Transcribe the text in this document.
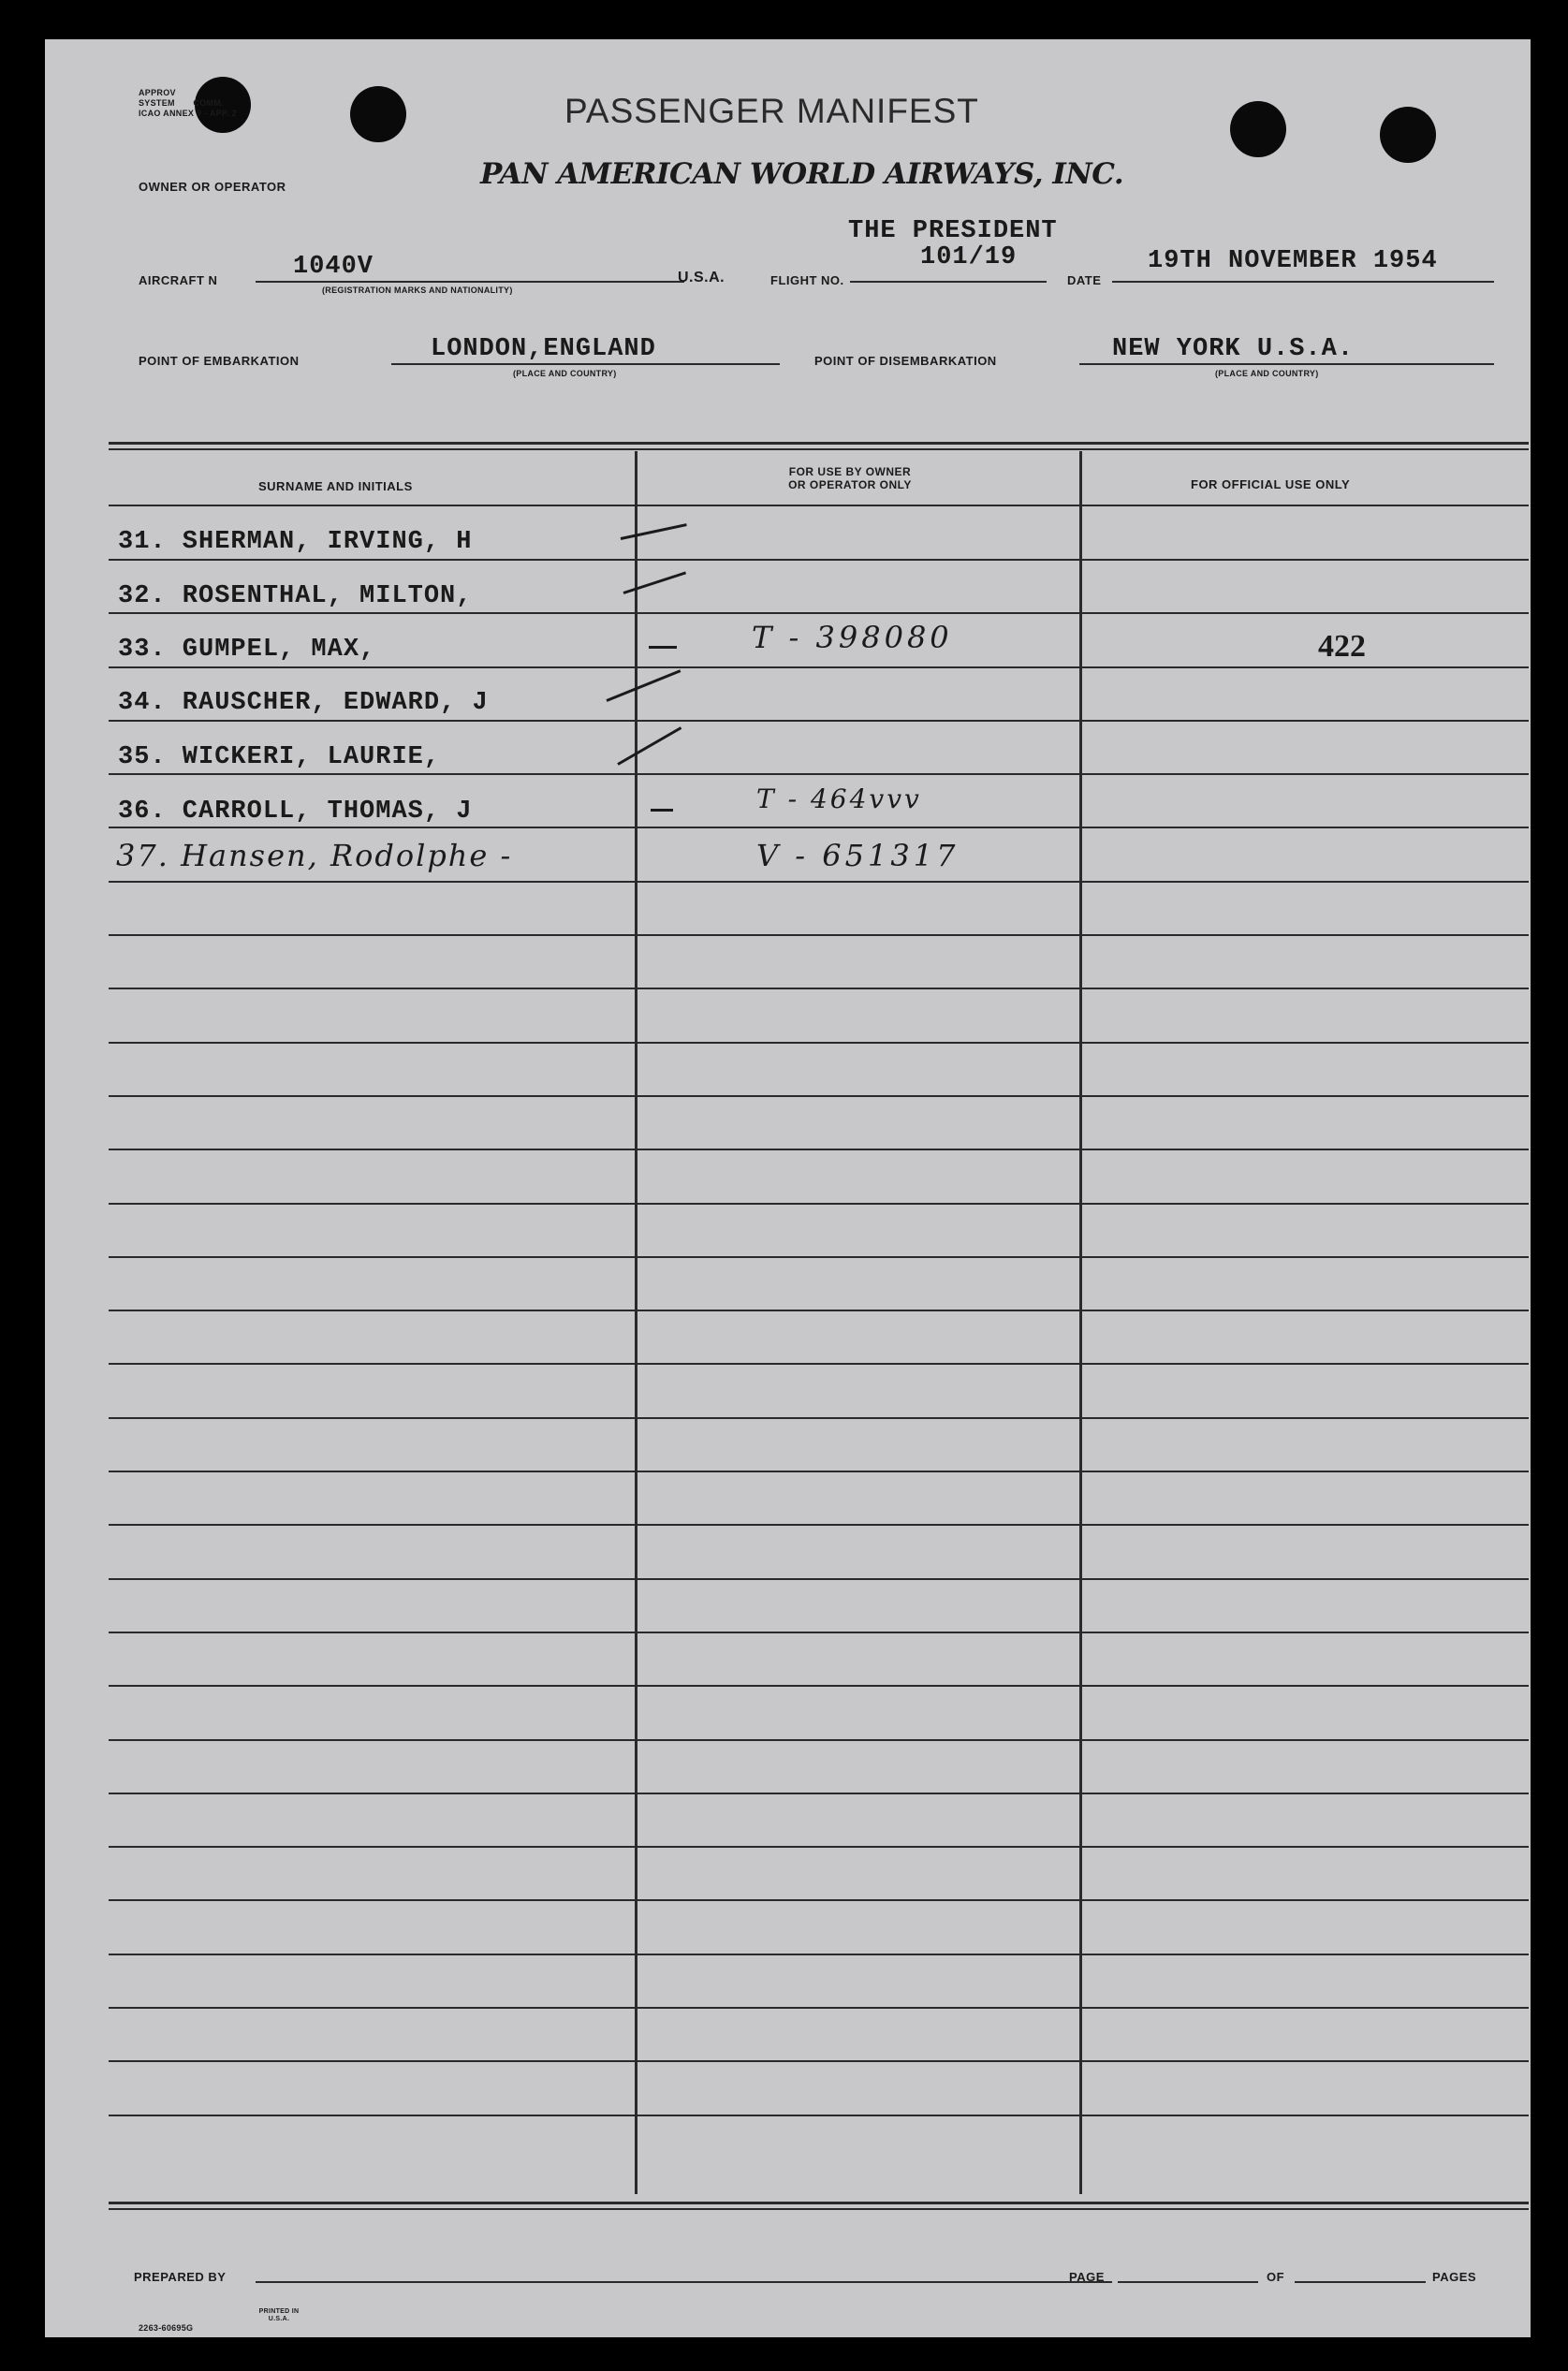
APPROV
SYSTEM COMM.
ICAO ANNEX 9 - APP. 2	PASSENGER MANIFEST
OWNER OR OPERATOR	PAN AMERICAN WORLD AIRWAYS, INC.
AIRCRAFT N	1040V
(REGISTRATION MARKS AND NATIONALITY)
U.S.A.	FLIGHT NO.
THE PRESIDENT
101/19
DATE
19TH NOVEMBER 1954
POINT OF EMBARKATION	LONDON,ENGLAND
(PLACE AND COUNTRY)
POINT OF DISEMBARKATION	NEW YORK U.S.A.
(PLACE AND COUNTRY)
SURNAME AND INITIALS
FOR USE BY OWNER
OR OPERATOR ONLY	FOR OFFICIAL USE ONLY
31. SHERMAN, IRVING, H
32. ROSENTHAL, MILTON,
33. GUMPEL, MAX,	T - 398080	422
34. RAUSCHER, EDWARD, J
35. WICKERI, LAURIE,
36. CARROLL, THOMAS, J	T - 464vvv
37. Hansen, Rodolphe -	V - 651317
PREPARED BY	PAGE	OF	PAGES
2263-60695G
PRINTED IN U.S.A.
